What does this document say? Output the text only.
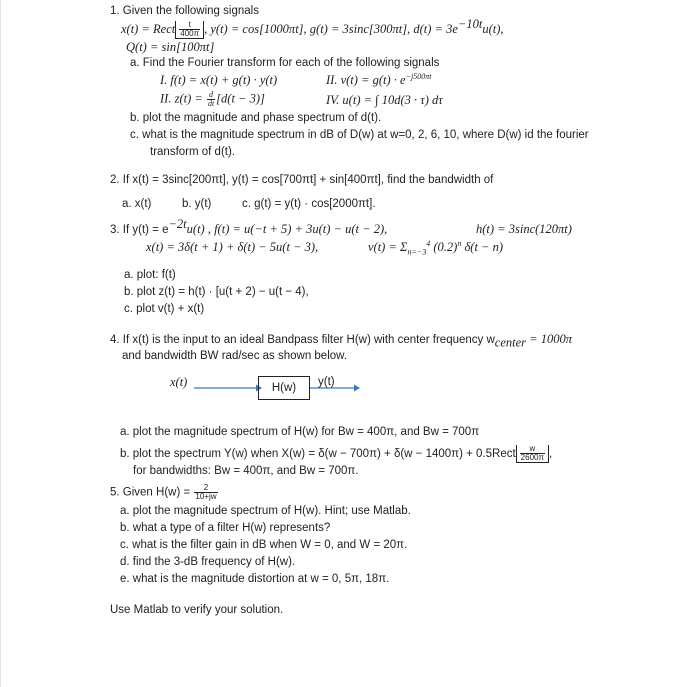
1. Given the following signals
x(t) = Rect $\frac{t}{400\pi}$ , y(t) = cos[1000πt], g(t) = 3sinc[300πt], $d(t) = 3e^{-10t}u(t)$,
Q(t) = sin[100πt]
a. Find the Fourier transform for each of the following signals
I. f(t) = x(t) + g(t) · y(t)	II. $v(t) = g(t) \cdot e^{-j500\pi t}$
II. $z(t) = \frac{d}{dt} [d(t - 3)]$	IV. u(t) = ∫ 10d(3 · τ) dτ
b. plot the magnitude and phase spectrum of d(t).
c. what is the magnitude spectrum in dB of D(w) at w=0, 2, 6, 10, where D(w) id the fourier
transform of d(t).
2. If x(t) = 3sinc[200πt], y(t) = cos[700πt] + sin[400πt], find the bandwidth of
a. x(t)	b. y(t)	c. g(t) = y(t) · cos[2000πt].
3. If $y(t) = e^{-2t}u(t)$ , f(t) = u(−t + 5) + 3u(t) − u(t − 2),	h(t) = 3sinc(120πt)
x(t) = 3δ(t + 1) + δ(t) − 5u(t − 3),	$v(t) = \Sigma_{n=-3}^4$ $(0.2)^n$ δ(t − n)
a. plot: f(t)
b. plot z(t) = h(t) · [u(t + 2) − u(t − 4),
c. plot v(t) + x(t)
4. If x(t) is the input to an ideal Bandpass filter H(w) with center frequency $w_{center} = 1000\pi$
and bandwidth BW rad/sec as shown below.
x(t)	H(w)	y(t)
a. plot the magnitude spectrum of H(w) for Bw = 400π, and Bw = 700π
b. plot the spectrum Y(w) when X(w) = δ(w − 700π) + δ(w − 1400π) + 0.5Rect $\frac{w}{2600\pi}$ ,
for bandwidths: Bw = 400π, and Bw = 700π.
5. Given $H(w) = \frac{2}{10+jw}$
a. plot the magnitude spectrum of H(w). Hint; use Matlab.
b. what a type of a filter H(w) represents?
c. what is the filter gain in dB when W = 0, and W = 20π.
d. find the 3-dB frequency of H(w).
e. what is the magnitude distortion at w = 0, 5π, 18π.
Use Matlab to verify your solution.
